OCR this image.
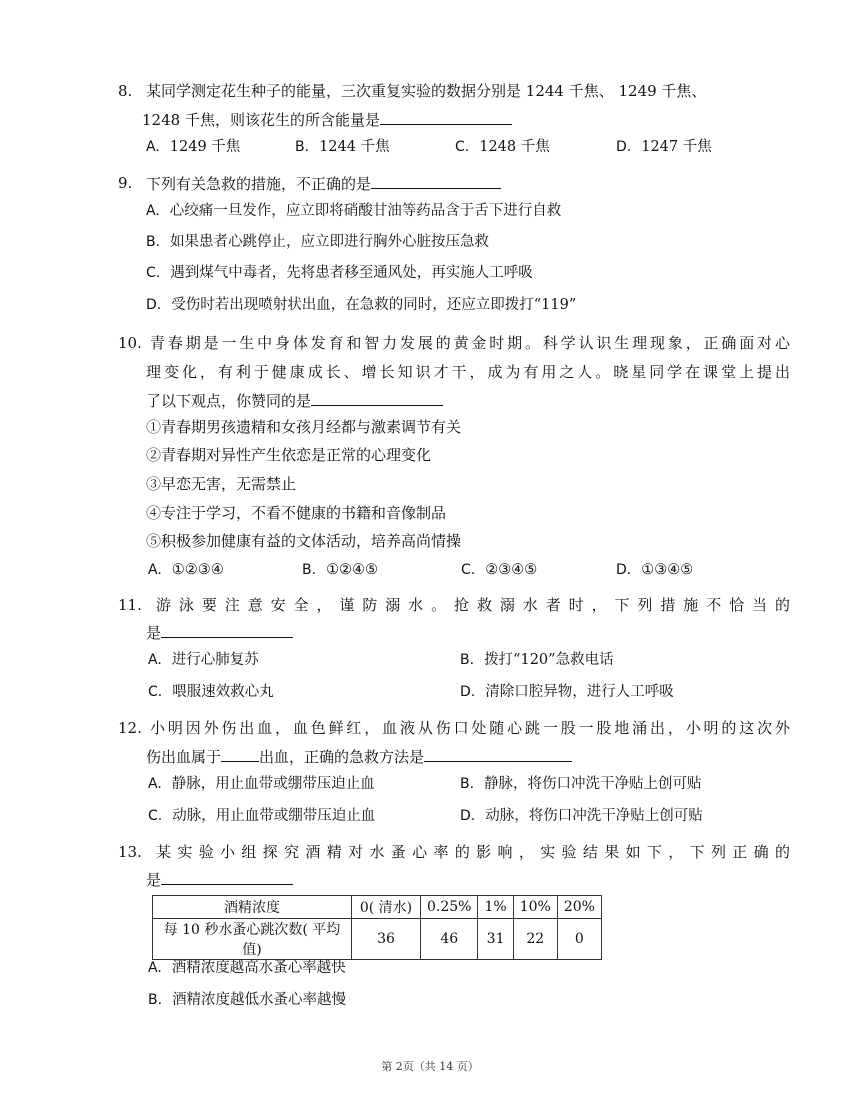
8. 某同学测定花生种子的能量，三次重复实验的数据分别是 1244 千焦、 1249 千焦、
1248 千焦，则该花生的所含能量是
A. 1249 千焦	B. 1244 千焦	C. 1248 千焦	D. 1247 千焦
9. 下列有关急救的措施，不正确的是
A. 心绞痛一旦发作，应立即将硝酸甘油等药品含于舌下进行自救
B. 如果患者心跳停止，应立即进行胸外心脏按压急救
C. 遇到煤气中毒者，先将患者移至通风处，再实施人工呼吸
D. 受伤时若出现喷射状出血，在急救的同时，还应立即拨打“119”
10. 青春期是一生中身体发育和智力发展的黄金时期。科学认识生理现象，正确面对心
理变化，有利于健康成长、增长知识才干，成为有用之人。晓星同学在课堂上提出
了以下观点，你赞同的是
①青春期男孩遗精和女孩月经都与激素调节有关
②青春期对异性产生依恋是正常的心理变化
③早恋无害，无需禁止
④专注于学习，不看不健康的书籍和音像制品
⑤积极参加健康有益的文体活动，培养高尚情操
A. ①②③④	B. ①②④⑤	C. ②③④⑤	D. ①③④⑤
11. 游泳要注意安全，谨防溺水。抢救溺水者时，下列措施不恰当的
是
A. 进行心肺复苏	B. 拨打“120”急救电话
C. 喂服速效救心丸	D. 清除口腔异物，进行人工呼吸
12. 小明因外伤出血，血色鲜红，血液从伤口处随心跳一股一股地涌出，小明的这次外
伤出血属于	出血，正确的急救方法是
A. 静脉，用止血带或绷带压迫止血	B. 静脉，将伤口冲洗干净贴上创可贴
C. 动脉，用止血带或绷带压迫止血	D. 动脉，将伤口冲洗干净贴上创可贴
13. 某实验小组探究酒精对水蚤心率的影响，实验结果如下，下列正确的
是
酒精浓度	0( 清水)	0.25%	1%	10%	20%
每 10 秒水蚤心跳次数( 平均值)	36	46	31	22	0
A. 酒精浓度越高水蚤心率越快
B. 酒精浓度越低水蚤心率越慢
第 2页（共 14 页）
